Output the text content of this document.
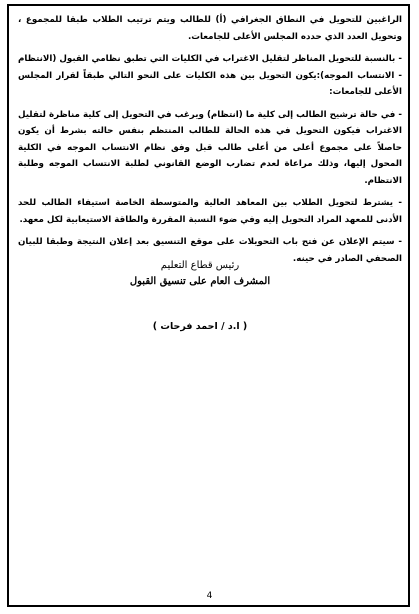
الراغبين للتحويل في النطاق الجغرافي (أ) للطالب ويتم ترتيب الطلاب طبقا للمجموع ، وتحويل العدد الذي حدده المجلس الأعلى للجامعات.

- بالنسبة للتحويل المناظر لتقليل الاغتراب في الكليات التي تطبق نظامي القبول (الانتظام - الانتساب الموجه):يكون التحويل بين هذه الكليات على النحو التالي طبقاً لقرار المجلس الأعلى للجامعات:

- في حالة ترشيح الطالب إلى كلية ما (انتظام) ويرغب في التحويل إلى كلية مناظرة لتقليل الاغتراب فيكون التحويل في هذه الحالة للطالب المنتظم بنفس حالته بشرط أن يكون حاصلاً على مجموع أعلى من أعلى طالب قبل وفق نظام الانتساب الموجه في الكلية المحول إليها، وذلك مراعاة لعدم تضارب الوضع القانوني لطلبة الانتساب الموجه وطلبة الانتظام.

- يشترط لتحويل الطلاب بين المعاهد العالية والمتوسطة الخاصة استيفاء الطالب للحد الأدنى للمعهد المراد التحويل إليه وفي ضوء النسبة المقررة والطاقة الاستيعابية لكل معهد.

- سيتم الإعلان عن فتح باب التحويلات على موقع التنسيق بعد إعلان النتيجة وطبقا للبيان الصحفي الصادر في حينه.

رئيس قطاع التعليم
المشرف العام على تنسيق القبول
( ا.د / احمد فرحات )
4
